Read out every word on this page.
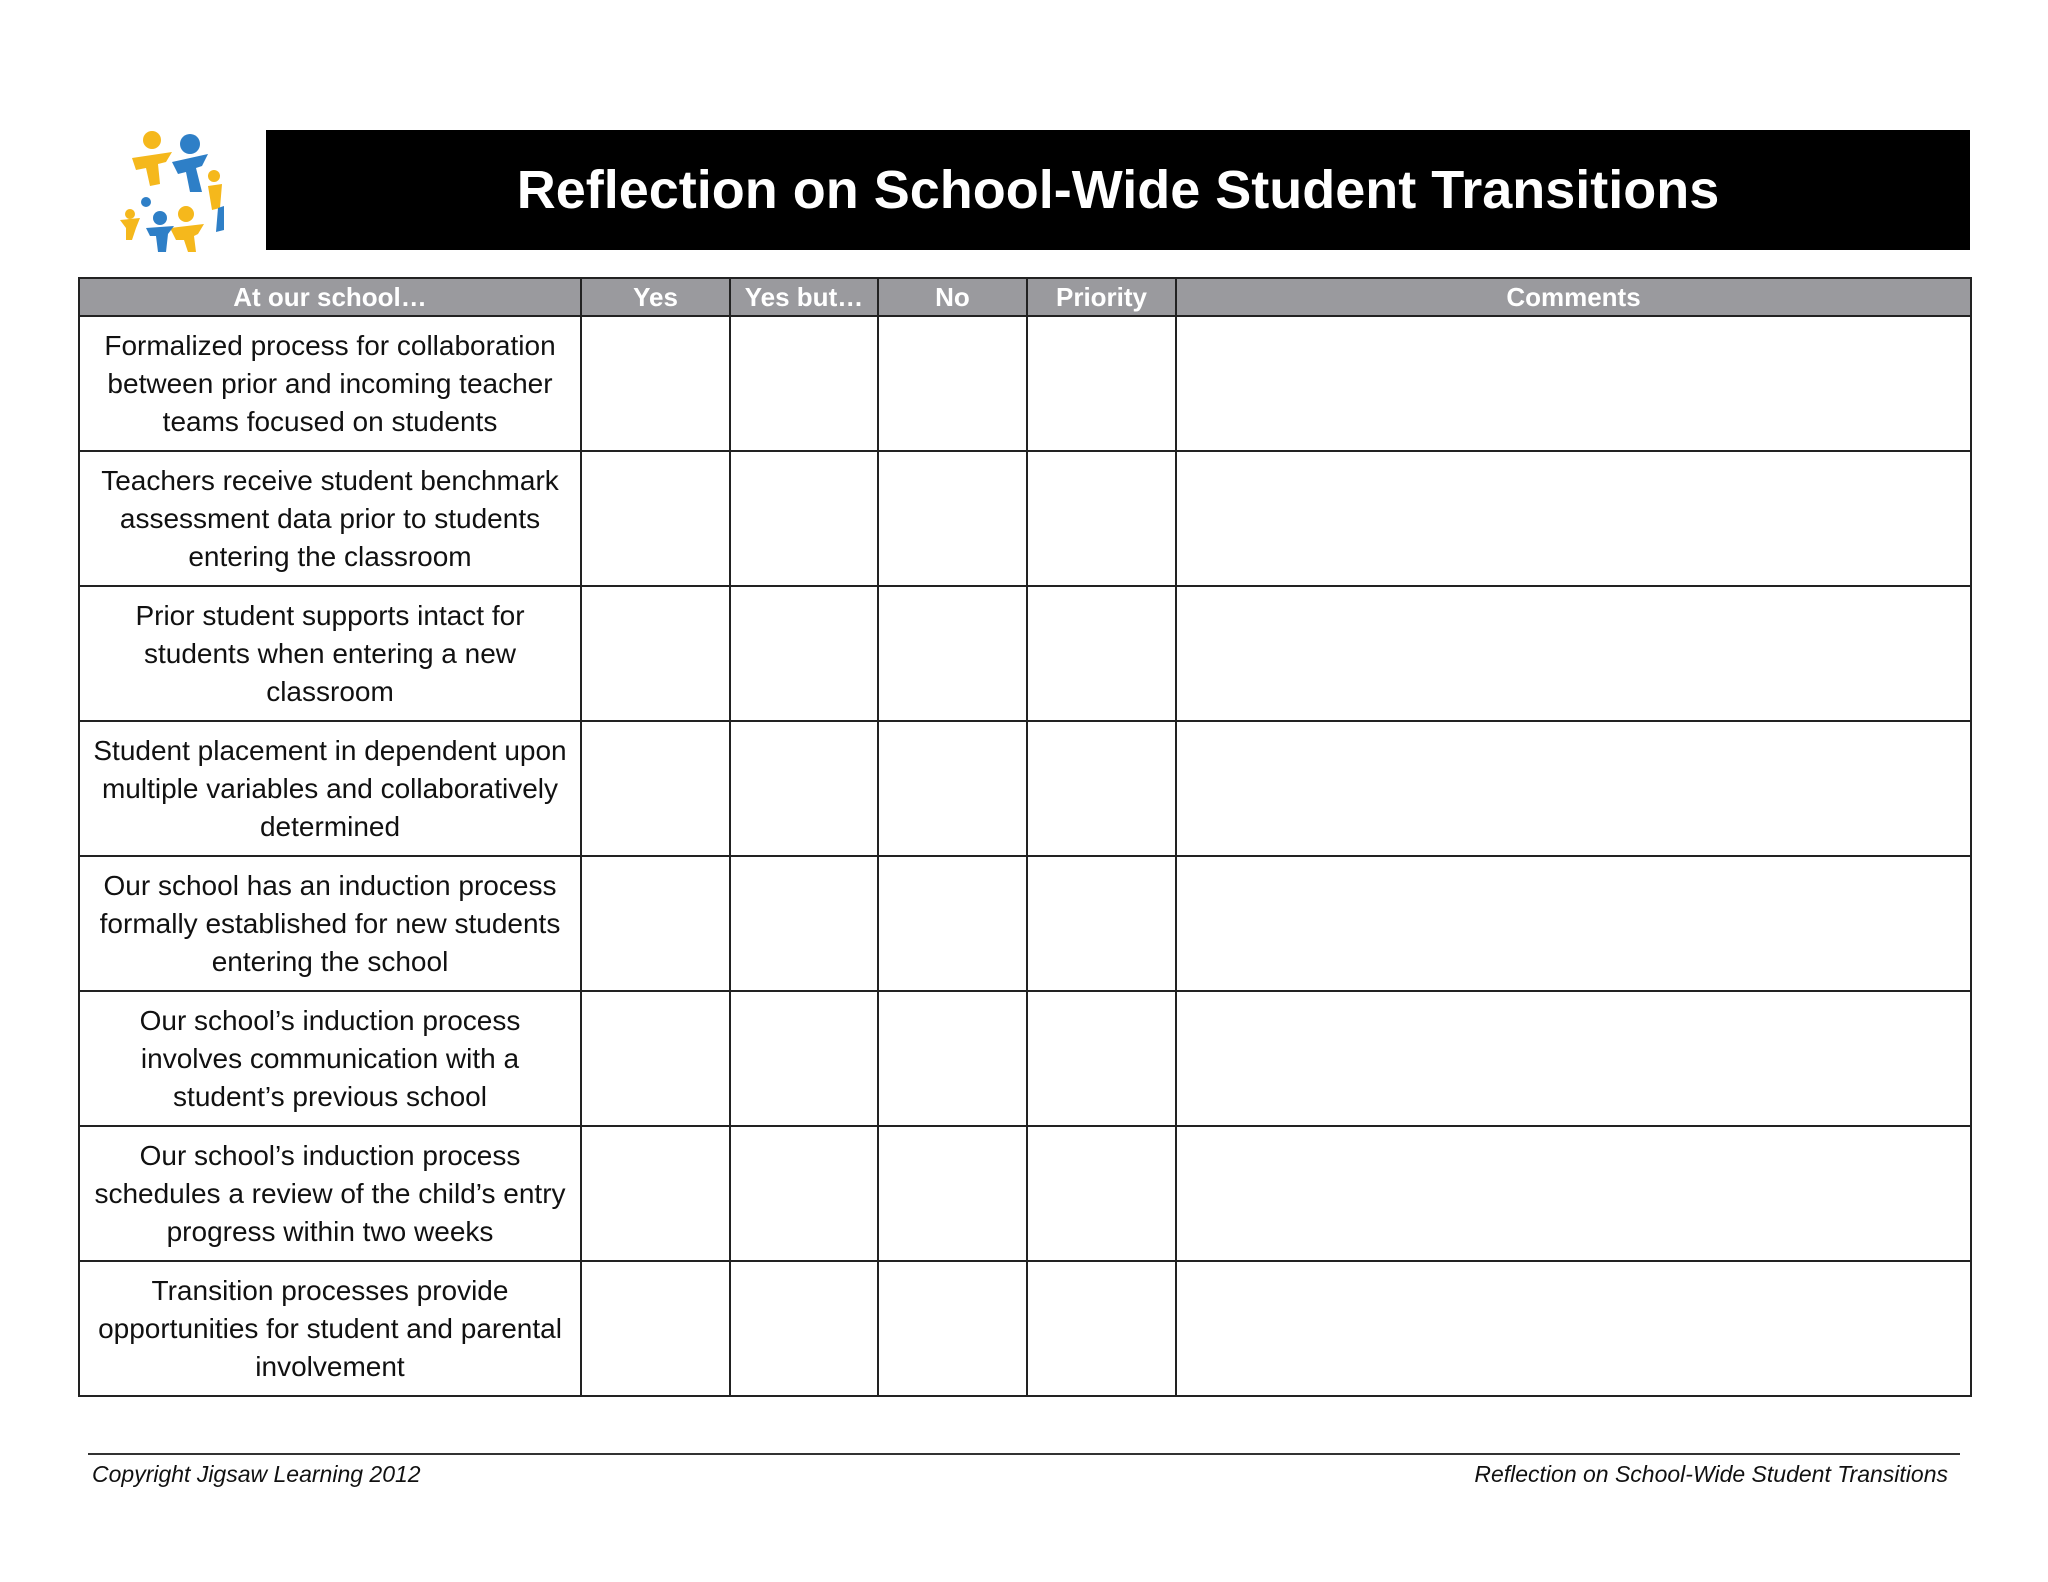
Reflection on School-Wide Student Transitions
At our school…	Yes	Yes but…	No	Priority	Comments
Formalized process for collaboration between prior and incoming teacher teams focused on students					
Teachers receive student benchmark assessment data prior to students entering the classroom					
Prior student supports intact for students when entering a new classroom					
Student placement in dependent upon multiple variables and collaboratively determined					
Our school has an induction process formally established for new students entering the school					
Our school’s induction process involves communication with a student’s previous school					
Our school’s induction process schedules a review of the child’s entry progress within two weeks					
Transition processes provide opportunities for student and parental involvement					
Copyright Jigsaw Learning 2012	Reflection on School-Wide Student Transitions
